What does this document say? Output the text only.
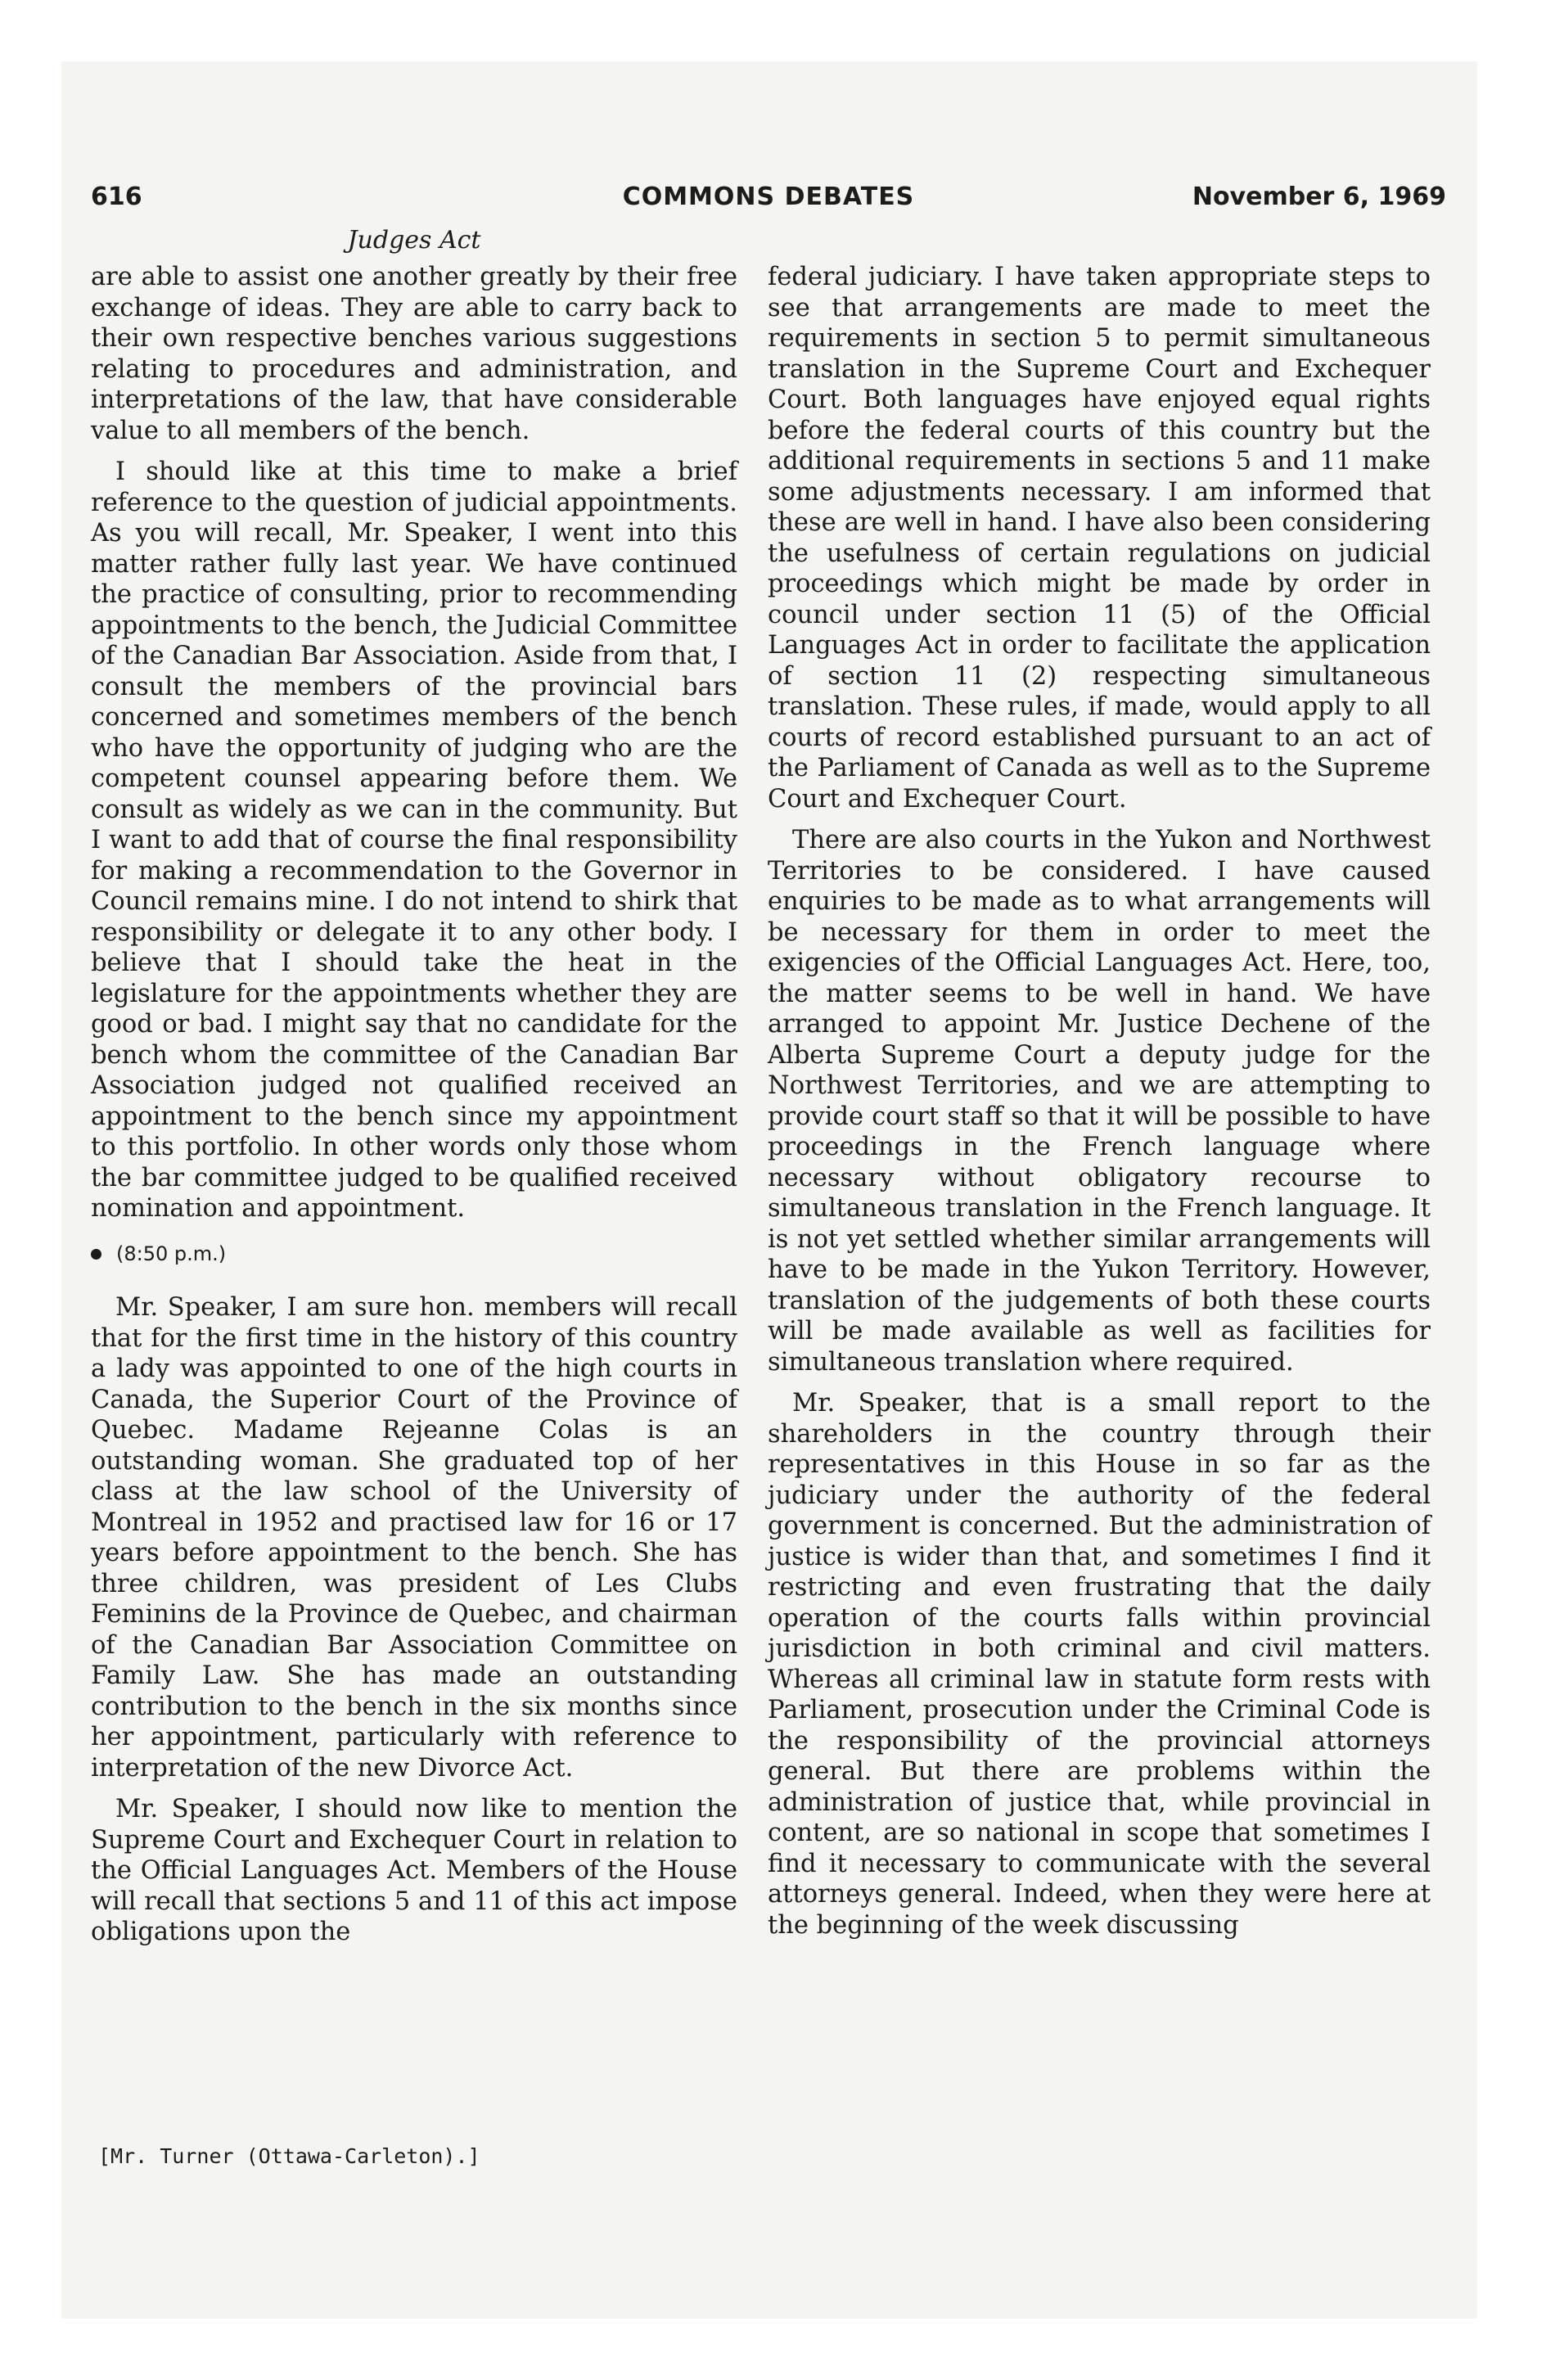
616	COMMONS DEBATES	November 6, 1969
Judges Act

are able to assist one another greatly by their free exchange of ideas. They are able to carry back to their own respective benches various suggestions relating to procedures and administration, and interpretations of the law, that have considerable value to all members of the bench.

I should like at this time to make a brief reference to the question of judicial appointments. As you will recall, Mr. Speaker, I went into this matter rather fully last year. We have continued the practice of consulting, prior to recommending appointments to the bench, the Judicial Committee of the Canadian Bar Association. Aside from that, I consult the members of the provincial bars concerned and sometimes members of the bench who have the opportunity of judging who are the competent counsel appearing before them. We consult as widely as we can in the community. But I want to add that of course the final responsibility for making a recommendation to the Governor in Council remains mine. I do not intend to shirk that responsibility or delegate it to any other body. I believe that I should take the heat in the legislature for the appointments whether they are good or bad. I might say that no candidate for the bench whom the committee of the Canadian Bar Association judged not qualified received an appointment to the bench since my appointment to this portfolio. In other words only those whom the bar committee judged to be qualified received nomination and appointment.

(8:50 p.m.)

Mr. Speaker, I am sure hon. members will recall that for the first time in the history of this country a lady was appointed to one of the high courts in Canada, the Superior Court of the Province of Quebec. Madame Rejeanne Colas is an outstanding woman. She graduated top of her class at the law school of the University of Montreal in 1952 and practised law for 16 or 17 years before appointment to the bench. She has three children, was president of Les Clubs Feminins de la Province de Quebec, and chairman of the Canadian Bar Association Committee on Family Law. She has made an outstanding contribution to the bench in the six months since her appointment, particularly with reference to interpretation of the new Divorce Act.

Mr. Speaker, I should now like to mention the Supreme Court and Exchequer Court in relation to the Official Languages Act. Members of the House will recall that sections 5 and 11 of this act impose obligations upon the

federal judiciary. I have taken appropriate steps to see that arrangements are made to meet the requirements in section 5 to permit simultaneous translation in the Supreme Court and Exchequer Court. Both languages have enjoyed equal rights before the federal courts of this country but the additional requirements in sections 5 and 11 make some adjustments necessary. I am informed that these are well in hand. I have also been considering the usefulness of certain regulations on judicial proceedings which might be made by order in council under section 11 (5) of the Official Languages Act in order to facilitate the application of section 11 (2) respecting simultaneous translation. These rules, if made, would apply to all courts of record established pursuant to an act of the Parliament of Canada as well as to the Supreme Court and Exchequer Court.

There are also courts in the Yukon and Northwest Territories to be considered. I have caused enquiries to be made as to what arrangements will be necessary for them in order to meet the exigencies of the Official Languages Act. Here, too, the matter seems to be well in hand. We have arranged to appoint Mr. Justice Dechene of the Alberta Supreme Court a deputy judge for the Northwest Territories, and we are attempting to provide court staff so that it will be possible to have proceedings in the French language where necessary without obligatory recourse to simultaneous translation in the French language. It is not yet settled whether similar arrangements will have to be made in the Yukon Territory. However, translation of the judgements of both these courts will be made available as well as facilities for simultaneous translation where required.

Mr. Speaker, that is a small report to the shareholders in the country through their representatives in this House in so far as the judiciary under the authority of the federal government is concerned. But the administration of justice is wider than that, and sometimes I find it restricting and even frustrating that the daily operation of the courts falls within provincial jurisdiction in both criminal and civil matters. Whereas all criminal law in statute form rests with Parliament, prosecution under the Criminal Code is the responsibility of the provincial attorneys general. But there are problems within the administration of justice that, while provincial in content, are so national in scope that sometimes I find it necessary to communicate with the several attorneys general. Indeed, when they were here at the beginning of the week discussing

[Mr. Turner (Ottawa-Carleton).]
